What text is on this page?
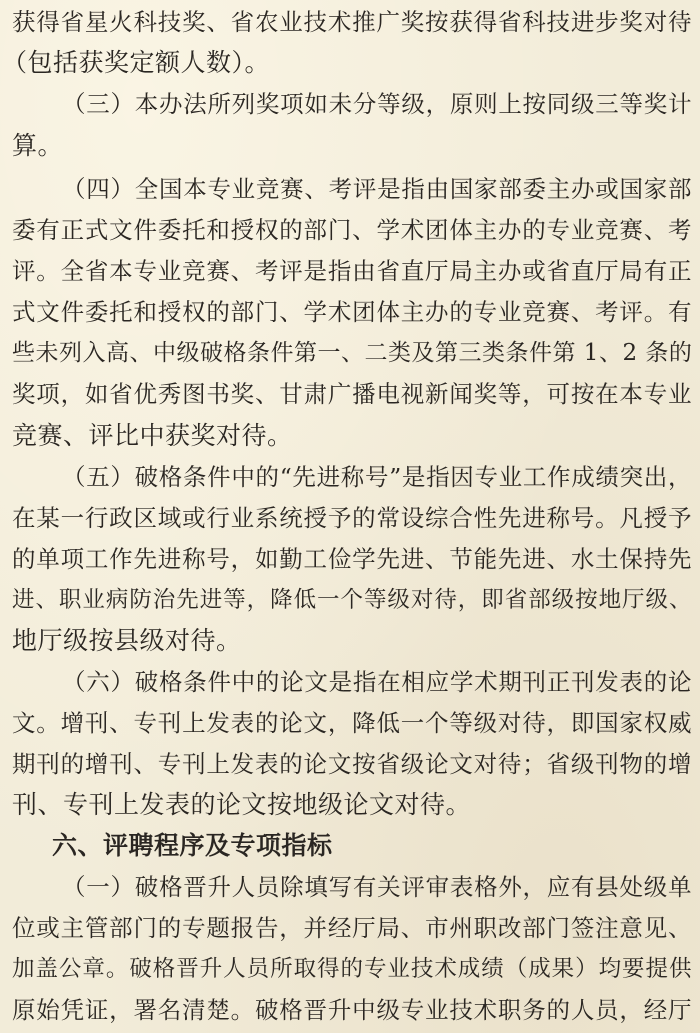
获得省星火科技奖、省农业技术推广奖按获得省科技进步奖对待
（包括获奖定额人数）。
（三）本办法所列奖项如未分等级，原则上按同级三等奖计
算。
（四）全国本专业竞赛、考评是指由国家部委主办或国家部
委有正式文件委托和授权的部门、学术团体主办的专业竞赛、考
评。全省本专业竞赛、考评是指由省直厅局主办或省直厅局有正
式文件委托和授权的部门、学术团体主办的专业竞赛、考评。有
些未列入高、中级破格条件第一、二类及第三类条件第 1、2 条的
奖项，如省优秀图书奖、甘肃广播电视新闻奖等，可按在本专业
竞赛、评比中获奖对待。
（五）破格条件中的“先进称号”是指因专业工作成绩突出，
在某一行政区域或行业系统授予的常设综合性先进称号。凡授予
的单项工作先进称号，如勤工俭学先进、节能先进、水土保持先
进、职业病防治先进等，降低一个等级对待，即省部级按地厅级、
地厅级按县级对待。
（六）破格条件中的论文是指在相应学术期刊正刊发表的论
文。增刊、专刊上发表的论文，降低一个等级对待，即国家权威
期刊的增刊、专刊上发表的论文按省级论文对待；省级刊物的增
刊、专刊上发表的论文按地级论文对待。
六、评聘程序及专项指标
（一）破格晋升人员除填写有关评审表格外，应有县处级单
位或主管部门的专题报告，并经厅局、市州职改部门签注意见、
加盖公章。破格晋升人员所取得的专业技术成绩（成果）均要提供
原始凭证，署名清楚。破格晋升中级专业技术职务的人员，经厅
